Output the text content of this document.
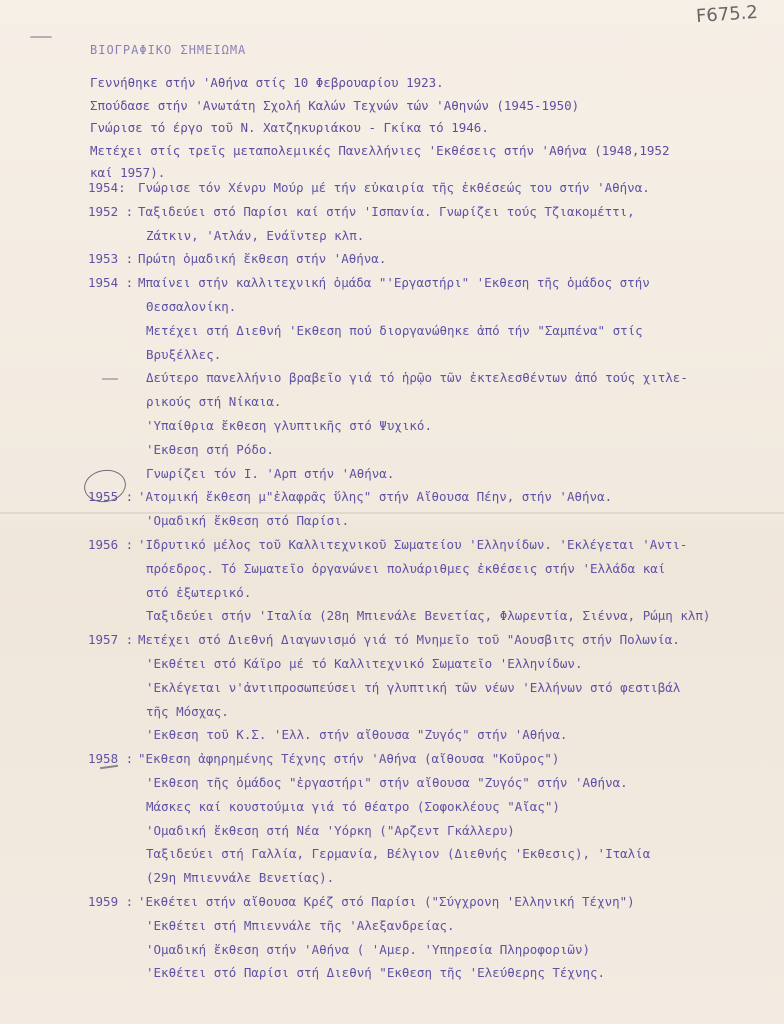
F675.2
ΒΙΟΓΡΑΦΙΚΟ ΣΗΜΕΙΩΜΑ
Γεννήθηκε στήν 'Αθήνα στίς 10 Φεβρουαρίου 1923.
Σπούδασε στήν 'Ανωτάτη Σχολή Καλών Τεχνών τών 'Αθηνών (1945-1950)
Γνώρισε τό έργο τοῦ Ν. Χατζηκυριάκου - Γκίκα τό 1946.
Μετέχει στίς τρεῖς μεταπολεμικές Πανελλήνιες 'Εκθέσεις στήν 'Αθήνα (1948,1952
καί 1957).
1954: Γνώρισε τόν Χένρυ Μούρ μέ τήν εὐκαιρία τῆς ἐκθέσεώς του στήν 'Αθήνα.
1952 : Ταξιδεύει στό Παρίσι καί στήν 'Ισπανία. Γνωρίζει τούς Τζιακομέττι,
Ζάτκιν, 'Ατλάν, Ενάϊντερ κλπ.
1953 : Πρώτη ὁμαδική ἔκθεση στήν 'Αθήνα.
1954 : Μπαίνει στήν καλλιτεχνική ὁμάδα "'Εργαστήρι" 'Εκθεση τῆς ὁμάδος στήν
Θεσσαλονίκη.
Μετέχει στή Διεθνή 'Εκθεση πού διοργανώθηκε ἀπό τήν "Σαμπένα" στίς
Βρυξέλλες.
Δεύτερο πανελλήνιο βραβεῖο γιά τό ἡρῷο τῶν ἐκτελεσθέντων ἀπό τούς χιτλε-
ρικούς στή Νίκαια.
'Υπαίθρια ἔκθεση γλυπτικῆς στό Ψυχικό.
'Εκθεση στή Ρόδο.
Γνωρίζει τόν Ι. 'Αρπ στήν 'Αθήνα.
1955 : 'Ατομική ἔκθεση μ"ἐλαφρᾶς ὕλης" στήν Αἴθουσα Πέην, στήν 'Αθήνα.
'Ομαδική ἔκθεση στό Παρίσι.
1956 : 'Ιδρυτικό μέλος τοῦ Καλλιτεχνικοῦ Σωματείου 'Ελληνίδων. 'Εκλέγεται 'Αντι-
πρόεδρος. Τό Σωματεῖο ὀργανώνει πολυάριθμες ἐκθέσεις στήν 'Ελλάδα καί
στό ἐξωτερικό.
Ταξιδεύει στήν 'Ιταλία (28η Μπιενάλε Βενετίας, Φλωρεντία, Σιέννα, Ρώμη κλπ)
1957 : Μετέχει στό Διεθνή Διαγωνισμό γιά τό Μνημεῖο τοῦ "Αουσβιτς στήν Πολωνία.
'Εκθέτει στό Κάϊρο μέ τό Καλλιτεχνικό Σωματεῖο 'Ελληνίδων.
'Εκλέγεται ν'ἀντιπροσωπεύσει τή γλυπτική τῶν νέων 'Ελλήνων στό φεστιβάλ
τῆς Μόσχας.
'Εκθεση τοῦ Κ.Σ. 'Ελλ. στήν αἴθουσα "Ζυγός" στήν 'Αθήνα.
1958 : "Εκθεση ἀφηρημένης Τέχνης στήν 'Αθήνα (αἴθουσα "Κοῦρος")
'Εκθεση τῆς ὁμάδος "ἐργαστήρι" στήν αἴθουσα "Ζυγός" στήν 'Αθήνα.
Μάσκες καί κουστούμια γιά τό θέατρο (Σοφοκλέους "Αἴας")
'Ομαδική ἔκθεση στή Νέα 'Υόρκη ("Αρζεντ Γκάλλερυ)
Ταξιδεύει στή Γαλλία, Γερμανία, Βέλγιον (Διεθνής 'Εκθεσις), 'Ιταλία
(29η Μπιεννάλε Βενετίας).
1959 : 'Εκθέτει στήν αἴθουσα Κρέζ στό Παρίσι ("Σύγχρονη 'Ελληνική Τέχνη")
'Εκθέτει στή Μπιεννάλε τῆς 'Αλεξανδρείας.
'Ομαδική ἔκθεση στήν 'Αθήνα ( 'Αμερ. 'Υπηρεσία Πληροφοριῶν)
'Εκθέτει στό Παρίσι στή Διεθνή "Εκθεση τῆς 'Ελεύθερης Τέχνης.
